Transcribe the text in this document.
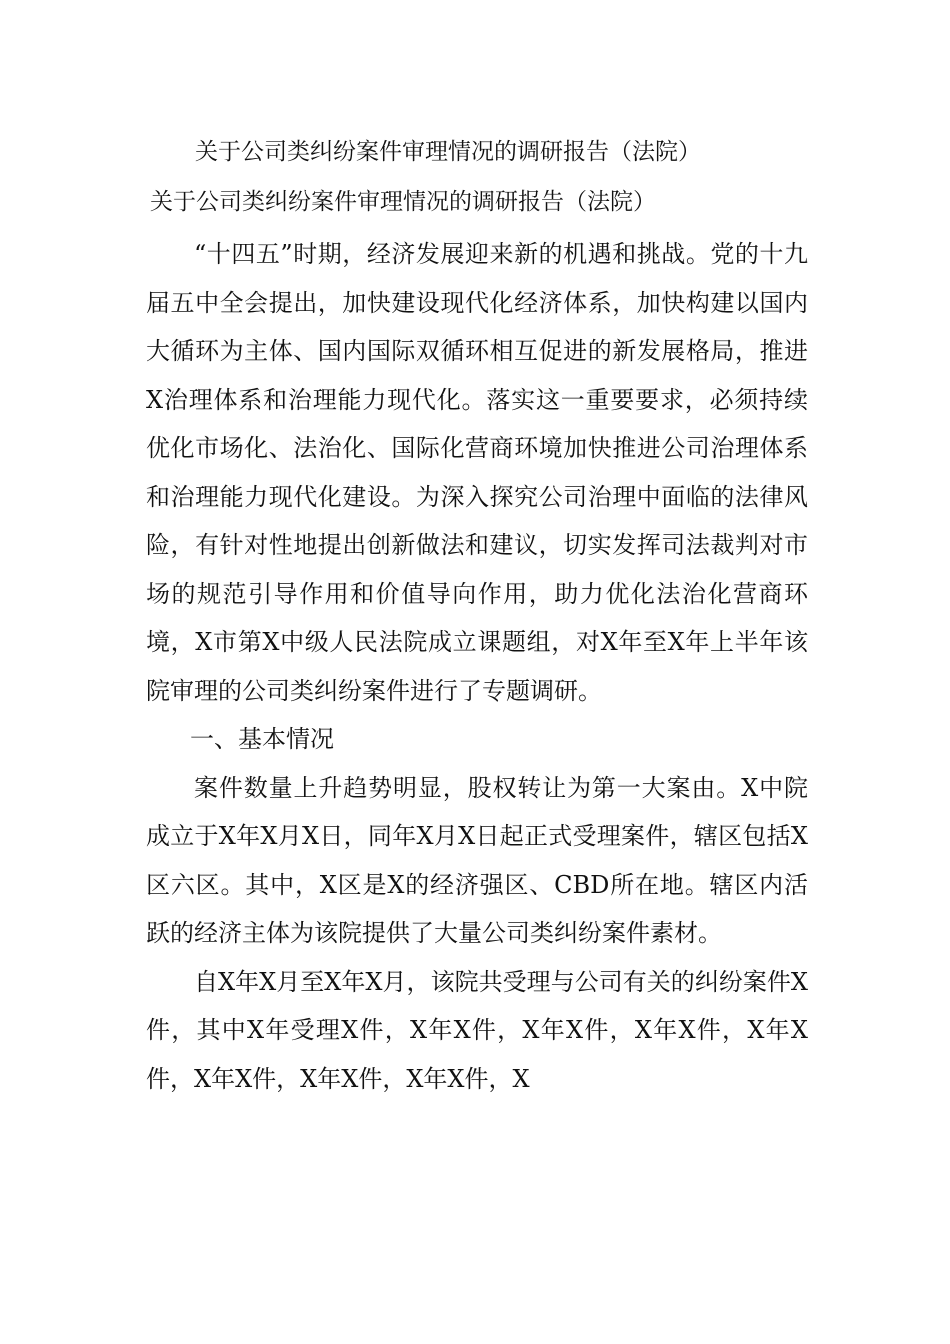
关于公司类纠纷案件审理情况的调研报告（法院）
关于公司类纠纷案件审理情况的调研报告（法院）

“十四五”时期，经济发展迎来新的机遇和挑战。党的十九届五中全会提出，加快建设现代化经济体系，加快构建以国内大循环为主体、国内国际双循环相互促进的新发展格局，推进X治理体系和治理能力现代化。落实这一重要要求，必须持续优化市场化、法治化、国际化营商环境加快推进公司治理体系和治理能力现代化建设。为深入探究公司治理中面临的法律风险，有针对性地提出创新做法和建议，切实发挥司法裁判对市场的规范引导作用和价值导向作用，助力优化法治化营商环境，X市第X中级人民法院成立课题组，对X年至X年上半年该院审理的公司类纠纷案件进行了专题调研。

一、基本情况

案件数量上升趋势明显，股权转让为第一大案由。X中院成立于X年X月X日，同年X月X日起正式受理案件，辖区包括X区六区。其中，X区是X的经济强区、CBD所在地。辖区内活跃的经济主体为该院提供了大量公司类纠纷案件素材。

自X年X月至X年X月，该院共受理与公司有关的纠纷案件X件，其中X年受理X件，X年X件，X年X件，X年X件，X年X件，X年X件，X年X件，X年X件，X
